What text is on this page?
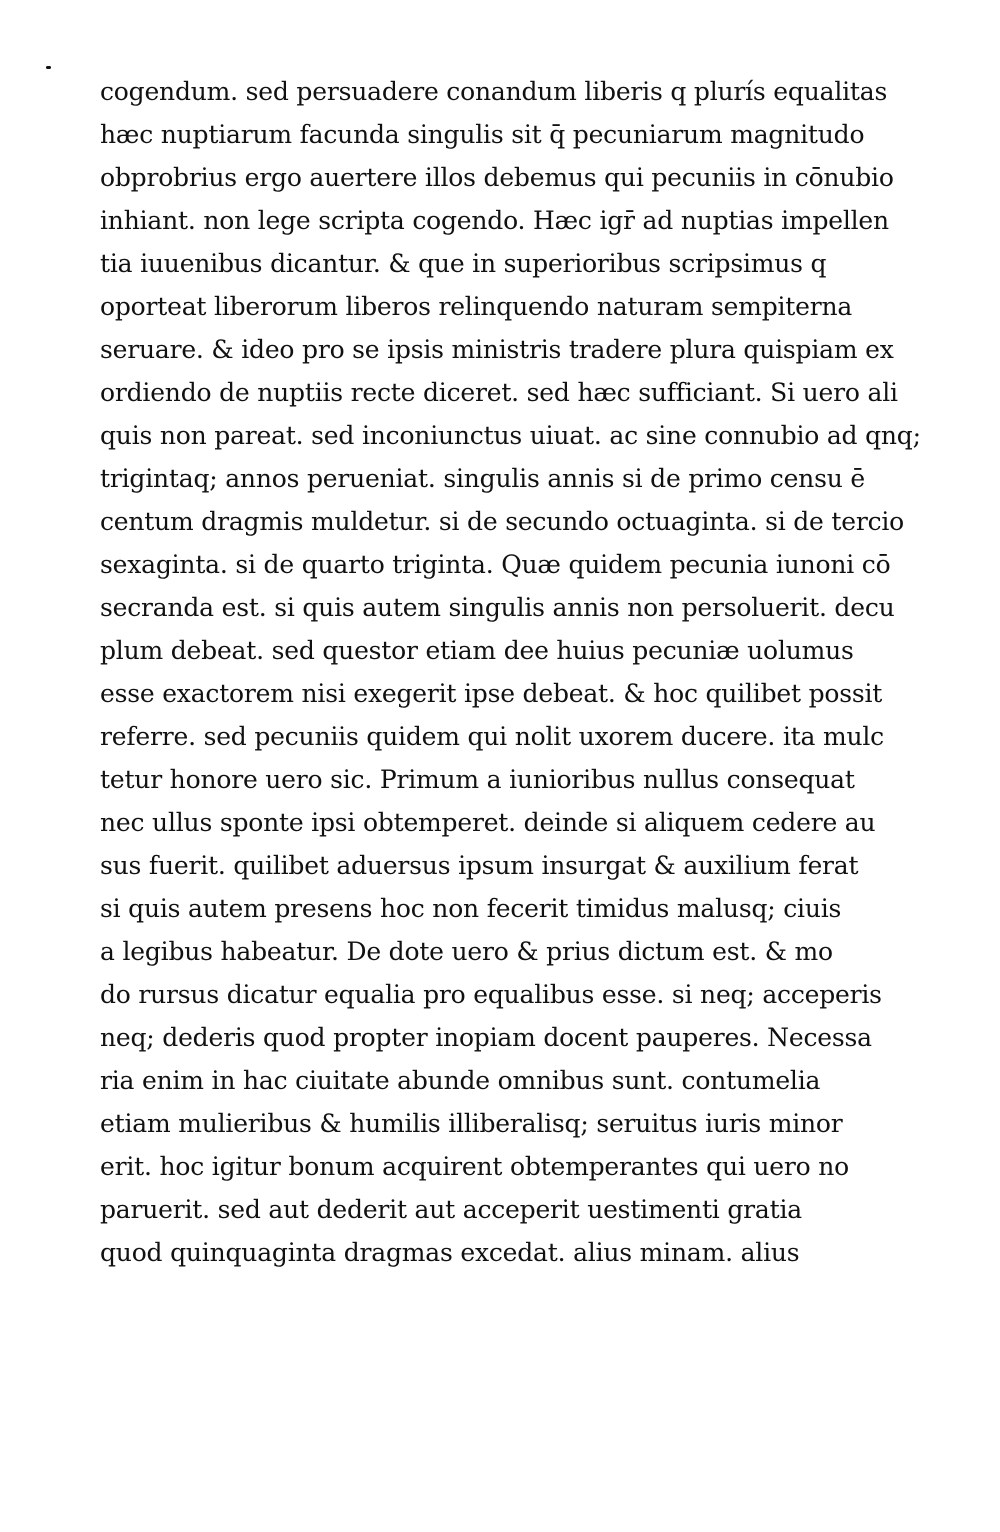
cogendum. sed persuadere conandum liberis q plurís equalitas
hæc nuptiarum facunda singulis sit q̄ pecuniarum magnitudo
obprobrius ergo auertere illos debemus qui pecuniis in cōnubio
inhiant. non lege scripta cogendo. Hæc igr̄ ad nuptias impellen
tia iuuenibus dicantur. & que in superioribus scripsimus q
oporteat liberorum liberos relinquendo naturam sempiterna
seruare. & ideo pro se ipsis ministris tradere plura quispiam ex
ordiendo de nuptiis recte diceret. sed hæc sufficiant. Si uero ali
quis non pareat. sed inconiunctus uiuat. ac sine connubio ad qnq;
trigintaq; annos perueniat. singulis annis si de primo censu ē
centum dragmis muldetur. si de secundo octuaginta. si de tercio
sexaginta. si de quarto triginta. Quæ quidem pecunia iunoni cō
secranda est. si quis autem singulis annis non persoluerit. decu
plum debeat. sed questor etiam dee huius pecuniæ uolumus
esse exactorem nisi exegerit ipse debeat. & hoc quilibet possit
referre. sed pecuniis quidem qui nolit uxorem ducere. ita mulc
tetur honore uero sic. Primum a iunioribus nullus consequat
nec ullus sponte ipsi obtemperet. deinde si aliquem cedere au
sus fuerit. quilibet aduersus ipsum insurgat & auxilium ferat
si quis autem presens hoc non fecerit timidus malusq; ciuis
a legibus habeatur. De dote uero & prius dictum est. & mo
do rursus dicatur equalia pro equalibus esse. si neq; acceperis
neq; dederis quod propter inopiam docent pauperes. Necessa
ria enim in hac ciuitate abunde omnibus sunt. contumelia
etiam mulieribus & humilis illiberalisq; seruitus iuris minor
erit. hoc igitur bonum acquirent obtemperantes qui uero no
paruerit. sed aut dederit aut acceperit uestimenti gratia
quod quinquaginta dragmas excedat. alius minam. alius
